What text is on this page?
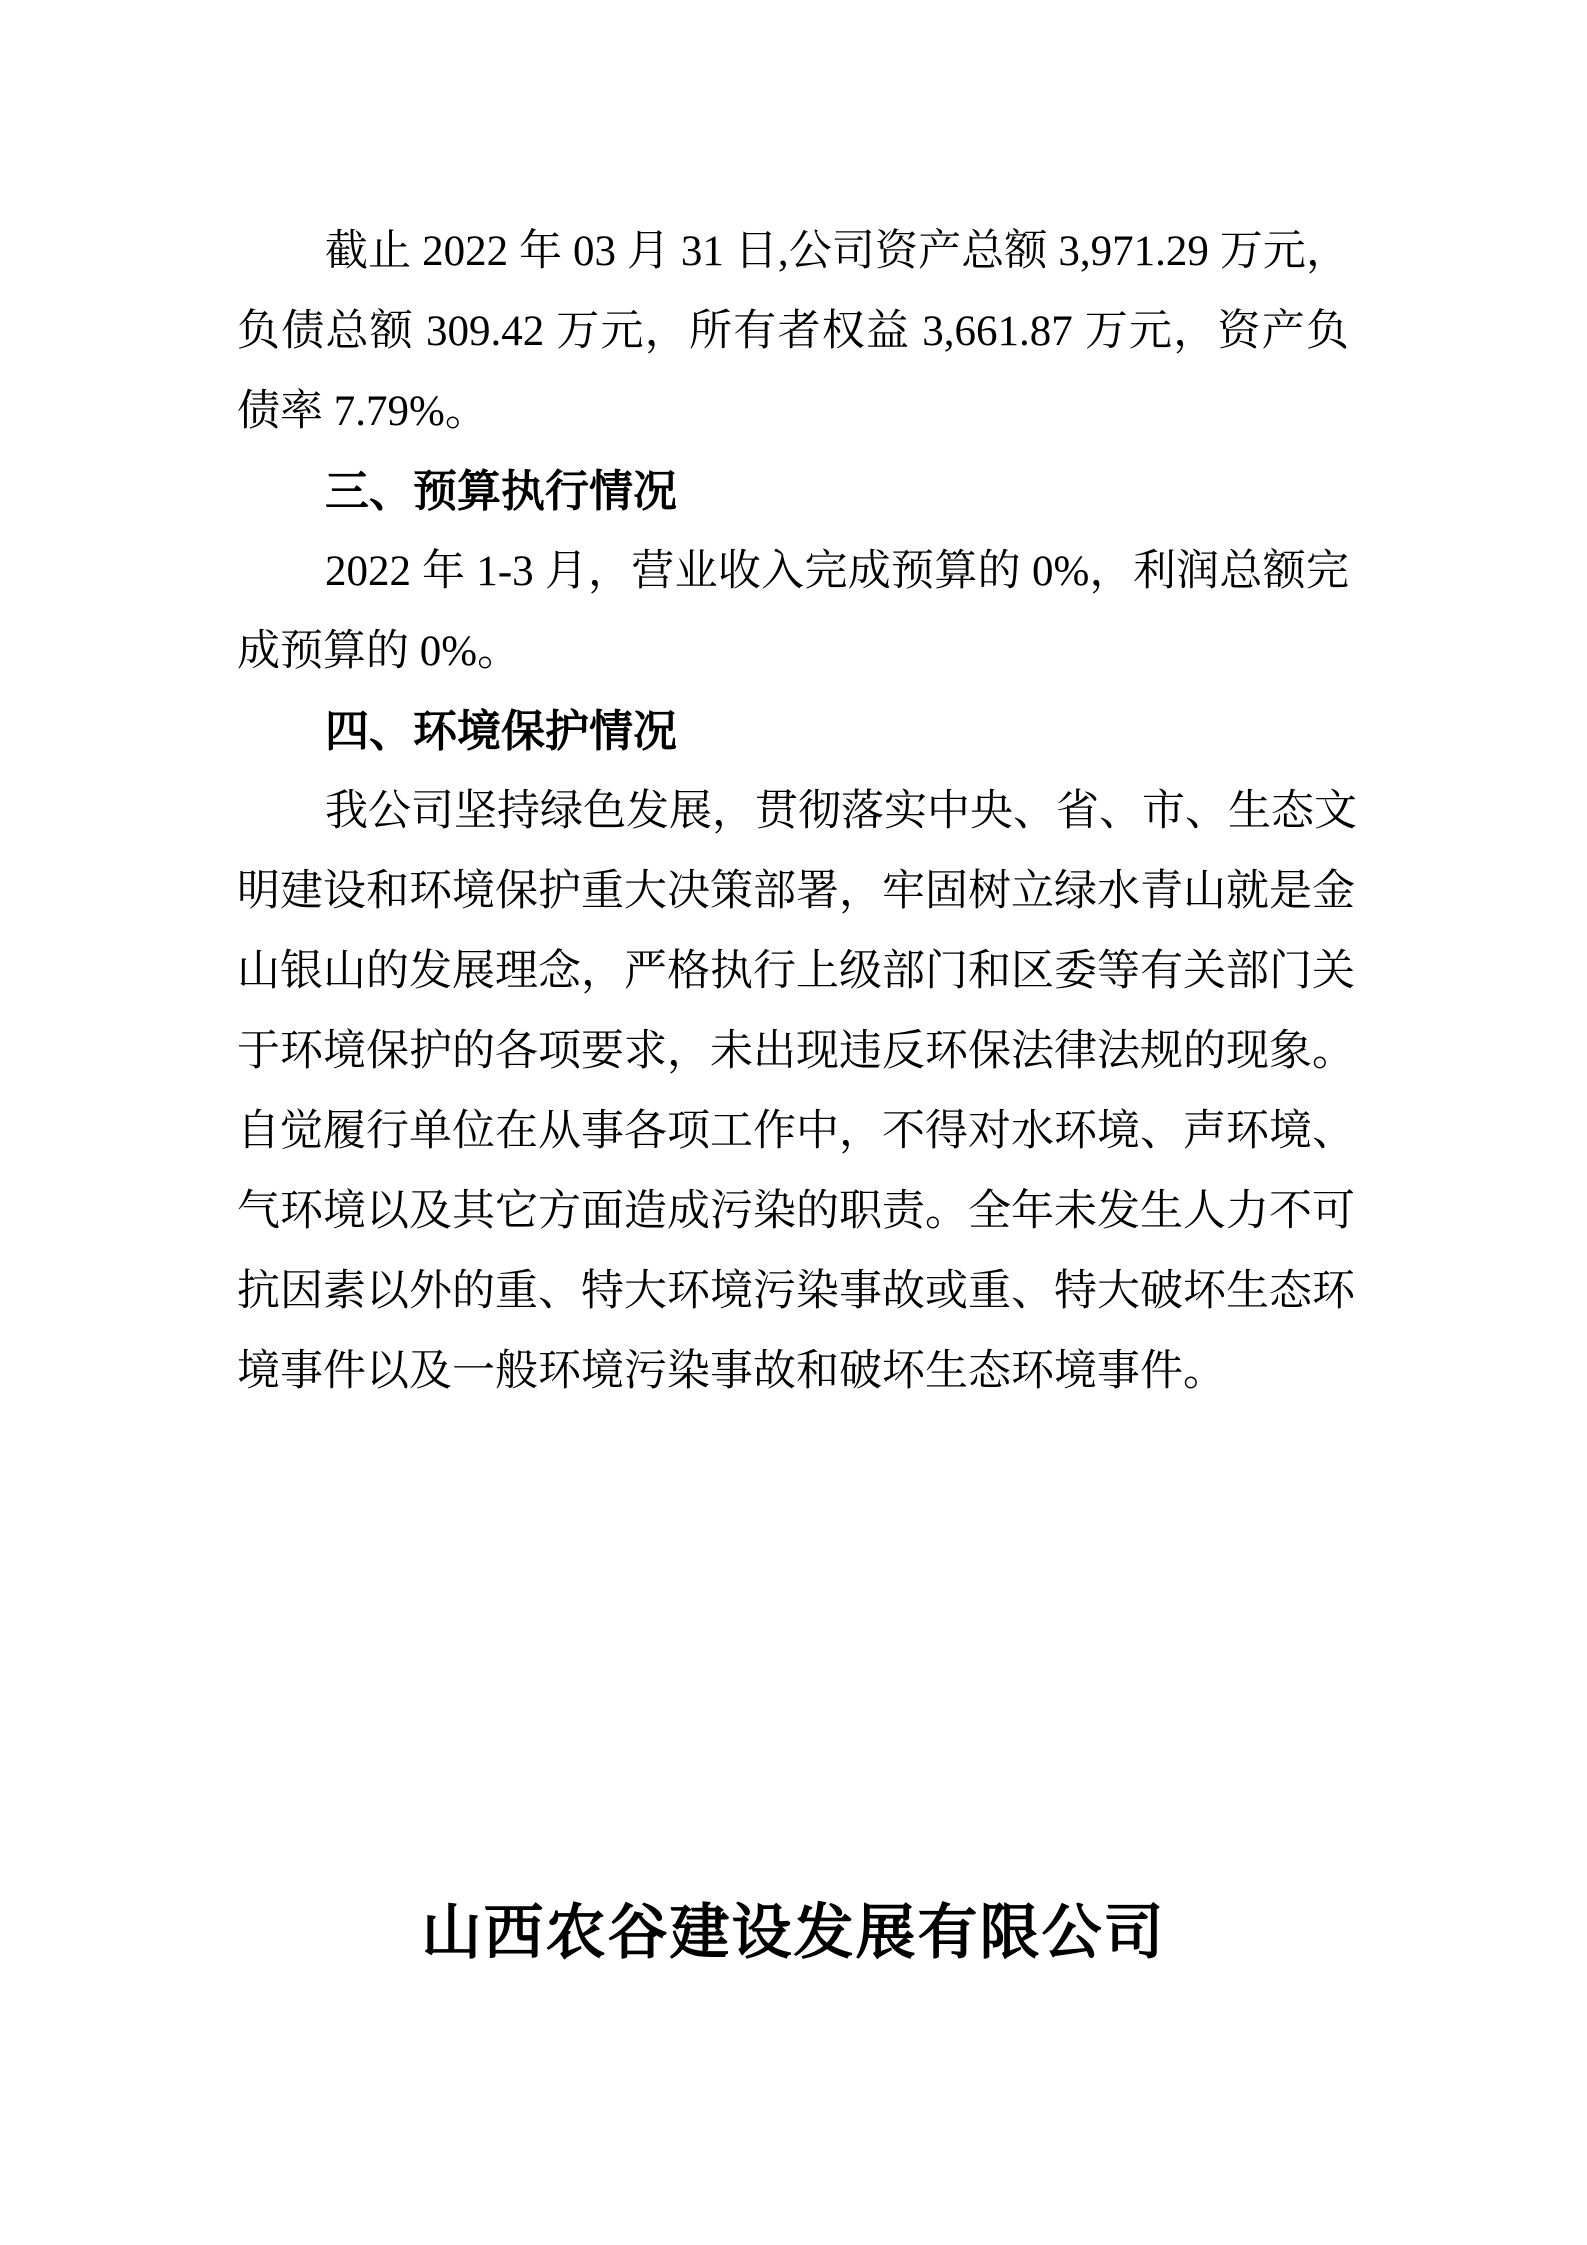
截止 2022 年 03 月 31 日,公司资产总额 3,971.29 万元，
负债总额 309.42 万元，所有者权益 3,661.87 万元，资产负
债率 7.79%。
三、预算执行情况
2022 年 1-3 月，营业收入完成预算的 0%，利润总额完
成预算的 0%。
四、环境保护情况
我公司坚持绿色发展，贯彻落实中央、省、市、生态文
明建设和环境保护重大决策部署，牢固树立绿水青山就是金
山银山的发展理念，严格执行上级部门和区委等有关部门关
于环境保护的各项要求，未出现违反环保法律法规的现象。
自觉履行单位在从事各项工作中，不得对水环境、声环境、
气环境以及其它方面造成污染的职责。全年未发生人力不可
抗因素以外的重、特大环境污染事故或重、特大破坏生态环
境事件以及一般环境污染事故和破坏生态环境事件。
山西农谷建设发展有限公司
